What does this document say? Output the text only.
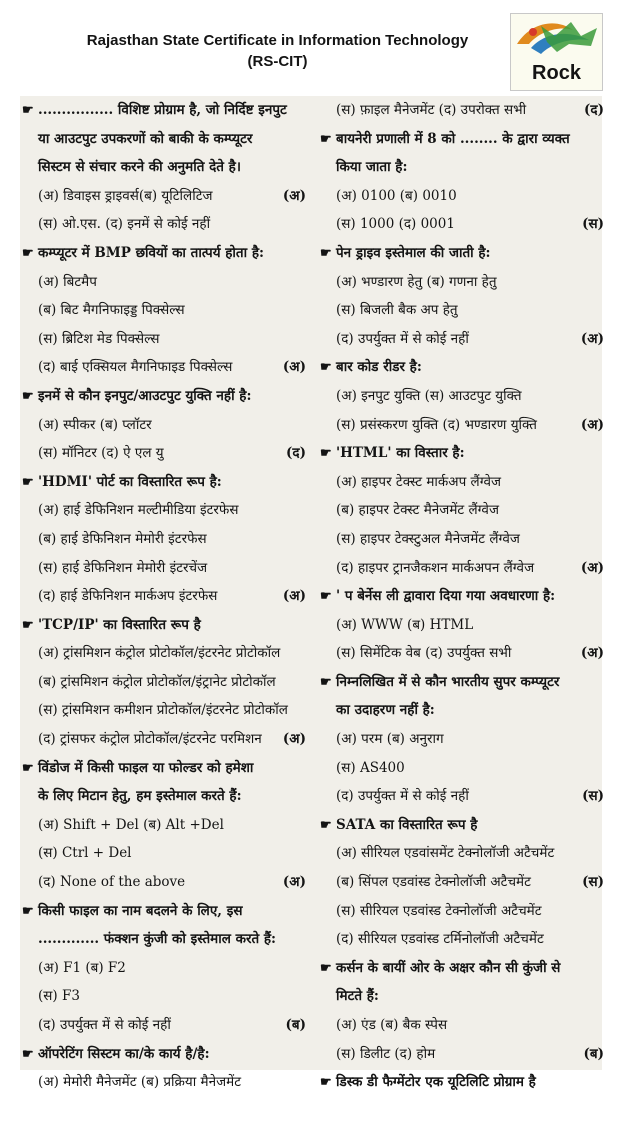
Rajasthan State Certificate in Information Technology
(RS-CIT)
Rock
☛ ................ विशिष्ट प्रोग्राम है, जो निर्दिष्ट इनपुट
या आउटपुट उपकरणों को बाकी के कम्प्यूटर
सिस्टम से संचार करने की अनुमति देते है।
(अ) डिवाइस ड्राइवर्स(ब) यूटिलिटिज	(अ)
(स) ओ.एस. (द) इनमें से कोई नहीं
☛ कम्प्यूटर में BMP छवियों का तात्पर्य होता है:
(अ) बिटमैप
(ब) बिट मैगनिफाइड्ड पिक्सेल्स
(स) ब्रिटिश मेड पिक्सेल्स
(द) बाई एक्सियल मैगनिफाइड पिक्सेल्स	(अ)
☛ इनमें से कौन इनपुट/आउटपुट युक्ति नहीं है:
(अ) स्पीकर (ब) प्लॉटर
(स) मॉनिटर (द) ऐ एल यु	(द)
☛ 'HDMI' पोर्ट का विस्तारित रूप है:
(अ) हाई डेफिनिशन मल्टीमीडिया इंटरफेस
(ब) हाई डेफिनिशन मेमोरी इंटरफेस
(स) हाई डेफिनिशन मेमोरी इंटरचेंज
(द) हाई डेफिनिशन मार्कअप इंटरफेस	(अ)
☛ 'TCP/IP' का विस्तारित रूप है
(अ) ट्रांसमिशन कंट्रोल प्रोटोकॉल/इंटरनेट प्रोटोकॉल
(ब) ट्रांसमिशन कंट्रोल प्रोटोकॉल/इंट्रानेट प्रोटोकॉल
(स) ट्रांसमिशन कमीशन प्रोटोकॉल/इंटरनेट प्रोटोकॉल
(द) ट्रांसफर कंट्रोल प्रोटोकॉल/इंटरनेट परमिशन (अ)
☛ विंडोज में किसी फाइल या फोल्डर को हमेशा
के लिए मिटान हेतु, हम इस्तेमाल करते हैं:
(अ) Shift + Del (ब) Alt +Del
(स) Ctrl + Del
(द) None of the above	(अ)
☛ किसी फाइल का नाम बदलने के लिए, इस
............. फंक्शन कुंजी को इस्तेमाल करते हैं:
(अ) F1 (ब) F2
(स) F3
(द) उपर्युक्त में से कोई नहीं	(ब)
☛ ऑपरेटिंग सिस्टम का/के कार्य है/है:
(अ) मेमोरी मैनेजमेंट (ब) प्रक्रिया मैनेजमेंट
(स) फ़ाइल मैनेजमेंट (द) उपरोक्त सभी	(द)
☛ बायनेरी प्रणाली में 8 को ........ के द्वारा व्यक्त
किया जाता है:
(अ) 0100 (ब) 0010
(स) 1000 (द) 0001	(स)
☛ पेन ड्राइव इस्तेमाल की जाती है:
(अ) भण्डारण हेतु (ब) गणना हेतु
(स) बिजली बैक अप हेतु
(द) उपर्युक्त में से कोई नहीं	(अ)
☛ बार कोड रीडर है:
(अ) इनपुट युक्ति (स) आउटपुट युक्ति
(स) प्रसंस्करण युक्ति (द) भण्डारण युक्ति	(अ)
☛ 'HTML' का विस्तार है:
(अ) हाइपर टेक्स्ट मार्कअप लैंग्वेज
(ब) हाइपर टेक्स्ट मैनेजमेंट लैंग्वेज
(स) हाइपर टेक्स्टुअल मैनेजमेंट लैंग्वेज
(द) हाइपर ट्रानजैकशन मार्कअपन लैंग्वेज	(अ)
☛ ' प बेर्नेस ली द्वावारा दिया गया अवधारणा है:
(अ) WWW (ब) HTML
(स) सिमेंटिक वेब (द) उपर्युक्त सभी	(अ)
☛ निम्नलिखित में से कौन भारतीय सुपर कम्प्यूटर
का उदाहरण नहीं है:
(अ) परम (ब) अनुराग
(स) AS400
(द) उपर्युक्त में से कोई नहीं	(स)
☛ SATA का विस्तारित रूप है
(अ) सीरियल एडवांसमेंट टेक्नोलॉजी अटैचमेंट
(ब) सिंपल एडवांस्ड टेक्नोलॉजी अटैचमेंट	(स)
(स) सीरियल एडवांस्ड टेक्नोलॉजी अटैचमेंट
(द) सीरियल एडवांस्ड टर्मिनोलॉजी अटैचमेंट
☛ कर्सन के बायीं ओर के अक्षर कौन सी कुंजी से
मिटते हैं:
(अ) एंड (ब) बैक स्पेस
(स) डिलीट (द) होम	(ब)
☛ डिस्क डी फैग्मेंटोर एक यूटिलिटि प्रोग्राम है
